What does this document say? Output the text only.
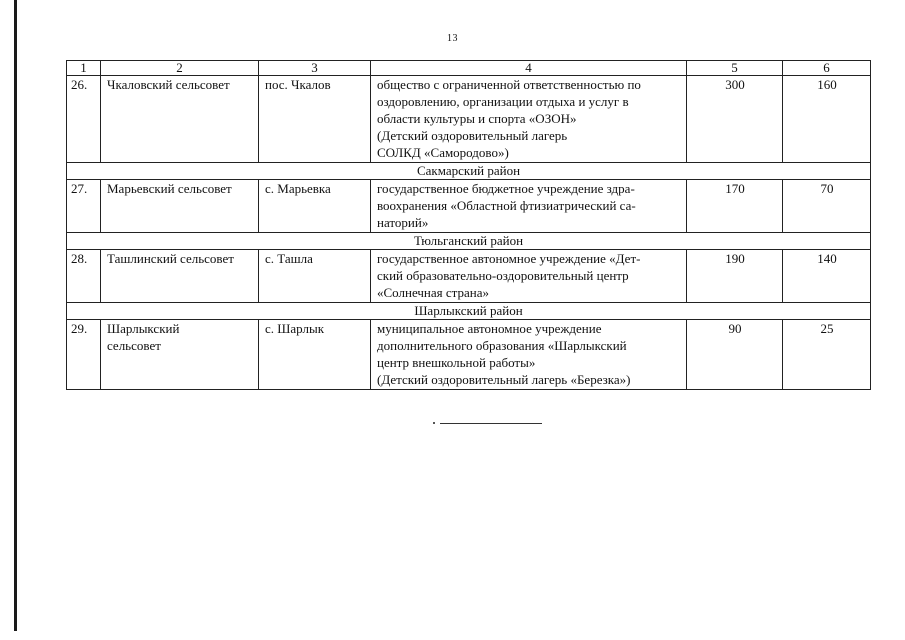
13
1	2	3	4	5	6
26.	Чкаловский сельсовет	пос. Чкалов	общество с ограниченной ответственностью по
оздоровлению, организации отдыха и услуг в
области культуры и спорта «ОЗОН»
(Детский оздоровительный лагерь
СОЛКД «Самородово»)	300	160
Сакмарский район					
27.	Марьевский сельсовет	с. Марьевка	государственное бюджетное учреждение здра-
воохранения «Областной фтизиатрический са-
наторий»	170	70
Тюльганский район					
28.	Ташлинский сельсовет	с. Ташла	государственное автономное учреждение «Дет-
ский образовательно-оздоровительный центр
«Солнечная страна»	190	140
Шарлыкский район					
29.	Шарлыкский
сельсовет	с. Шарлык	муниципальное автономное учреждение
дополнительного образования «Шарлыкский
центр внешкольной работы»
(Детский оздоровительный лагерь «Березка»)	90	25
